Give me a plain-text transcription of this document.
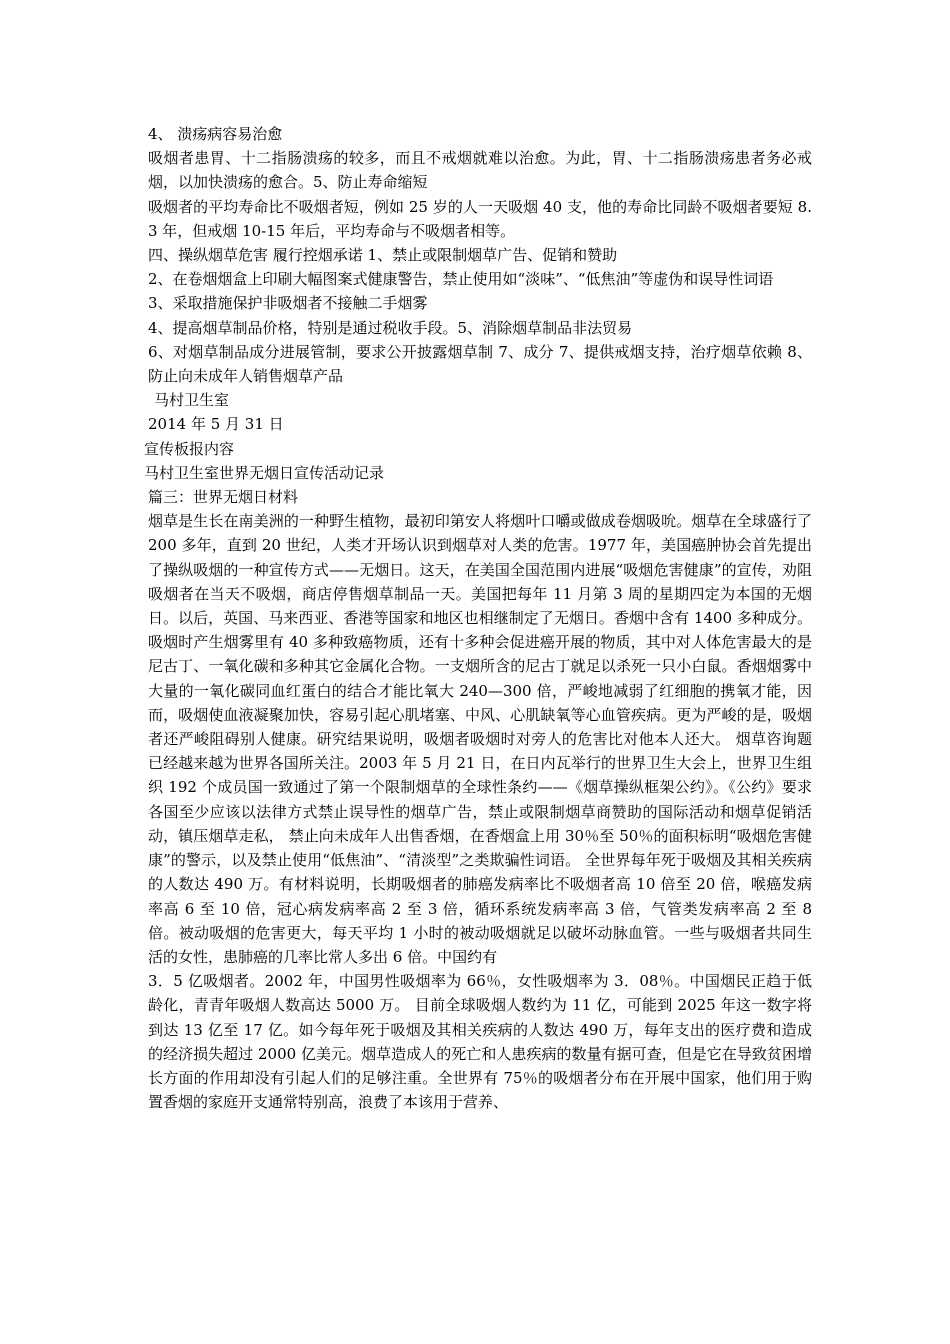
4、 溃疡病容易治愈

吸烟者患胃、十二指肠溃疡的较多，而且不戒烟就难以治愈。为此，胃、十二指肠溃疡患者务必戒烟，以加快溃疡的愈合。5、防止寿命缩短

吸烟者的平均寿命比不吸烟者短，例如 25 岁的人一天吸烟 40 支，他的寿命比同龄不吸烟者要短 8.3 年，但戒烟 10-15 年后，平均寿命与不吸烟者相等。

四、操纵烟草危害 履行控烟承诺 1、禁止或限制烟草广告、促销和赞助

2、在卷烟烟盒上印刷大幅图案式健康警告，禁止使用如“淡味”、“低焦油”等虚伪和误导性词语

3、采取措施保护非吸烟者不接触二手烟雾

4、提高烟草制品价格，特别是通过税收手段。5、消除烟草制品非法贸易

6、对烟草制品成分进展管制，要求公开披露烟草制 7、成分 7、提供戒烟支持，治疗烟草依赖 8、防止向未成年人销售烟草产品

马村卫生室

2014 年 5 月 31 日

宣传板报内容

马村卫生室世界无烟日宣传活动记录

篇三：世界无烟日材料

烟草是生长在南美洲的一种野生植物，最初印第安人将烟叶口嚼或做成卷烟吸吮。烟草在全球盛行了 200 多年，直到 20 世纪，人类才开场认识到烟草对人类的危害。1977 年，美国癌肿协会首先提出了操纵吸烟的一种宣传方式——无烟日。这天，在美国全国范围内进展“吸烟危害健康”的宣传，劝阻吸烟者在当天不吸烟，商店停售烟草制品一天。美国把每年 11 月第 3 周的星期四定为本国的无烟日。以后，英国、马来西亚、香港等国家和地区也相继制定了无烟日。香烟中含有 1400 多种成分。吸烟时产生烟雾里有 40 多种致癌物质，还有十多种会促进癌开展的物质，其中对人体危害最大的是尼古丁、一氧化碳和多种其它金属化合物。一支烟所含的尼古丁就足以杀死一只小白鼠。香烟烟雾中大量的一氧化碳同血红蛋白的结合才能比氧大 240—300 倍，严峻地减弱了红细胞的携氧才能，因而，吸烟使血液凝聚加快，容易引起心肌堵塞、中风、心肌缺氧等心血管疾病。更为严峻的是，吸烟者还严峻阻碍别人健康。研究结果说明，吸烟者吸烟时对旁人的危害比对他本人还大。 烟草咨询题已经越来越为世界各国所关注。2003 年 5 月 21 日，在日内瓦举行的世界卫生大会上，世界卫生组织 192 个成员国一致通过了第一个限制烟草的全球性条约——《烟草操纵框架公约》。《公约》要求各国至少应该以法律方式禁止误导性的烟草广告，禁止或限制烟草商赞助的国际活动和烟草促销活动，镇压烟草走私， 禁止向未成年人出售香烟，在香烟盒上用 30％至 50％的面积标明“吸烟危害健康”的警示，以及禁止使用“低焦油”、“清淡型”之类欺骗性词语。 全世界每年死于吸烟及其相关疾病的人数达 490 万。有材料说明，长期吸烟者的肺癌发病率比不吸烟者高 10 倍至 20 倍，喉癌发病率高 6 至 10 倍，冠心病发病率高 2 至 3 倍，循环系统发病率高 3 倍，气管类发病率高 2 至 8 倍。被动吸烟的危害更大，每天平均 1 小时的被动吸烟就足以破坏动脉血管。一些与吸烟者共同生活的女性，患肺癌的几率比常人多出 6 倍。中国约有

3．5 亿吸烟者。2002 年，中国男性吸烟率为 66％，女性吸烟率为 3．08％。中国烟民正趋于低龄化，青青年吸烟人数高达 5000 万。 目前全球吸烟人数约为 11 亿，可能到 2025 年这一数字将到达 13 亿至 17 亿。如今每年死于吸烟及其相关疾病的人数达 490 万，每年支出的医疗费和造成的经济损失超过 2000 亿美元。烟草造成人的死亡和人患疾病的数量有据可查，但是它在导致贫困增长方面的作用却没有引起人们的足够注重。全世界有 75％的吸烟者分布在开展中国家，他们用于购置香烟的家庭开支通常特别高，浪费了本该用于营养、
